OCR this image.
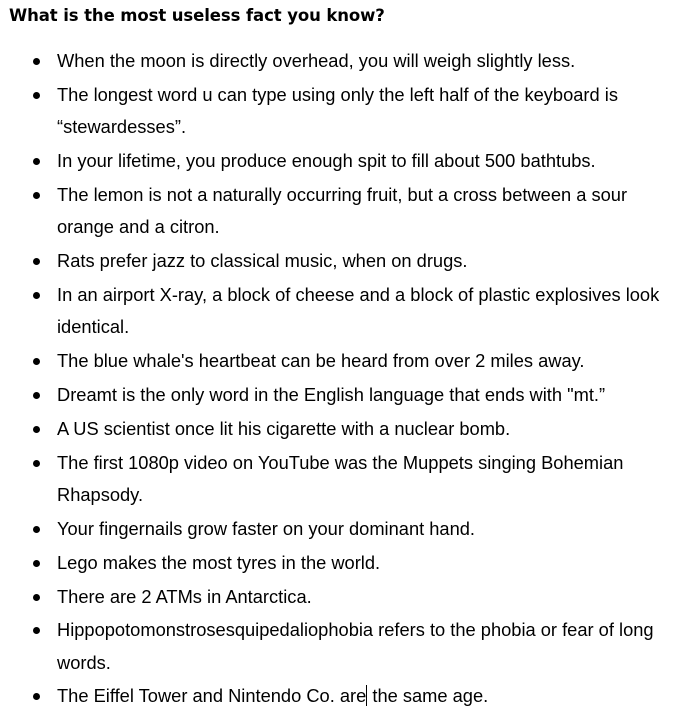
What is the most useless fact you know?
When the moon is directly overhead, you will weigh slightly less.
The longest word u can type using only the left half of the keyboard is “stewardesses”.
In your lifetime, you produce enough spit to fill about 500 bathtubs.
The lemon is not a naturally occurring fruit, but a cross between a sour orange and a citron.
Rats prefer jazz to classical music, when on drugs.
In an airport X-ray, a block of cheese and a block of plastic explosives look identical.
The blue whale's heartbeat can be heard from over 2 miles away.
Dreamt is the only word in the English language that ends with "mt.”
A US scientist once lit his cigarette with a nuclear bomb.
The first 1080p video on YouTube was the Muppets singing Bohemian Rhapsody.
Your fingernails grow faster on your dominant hand.
Lego makes the most tyres in the world.
There are 2 ATMs in Antarctica.
Hippopotomonstrosesquipedaliophobia refers to the phobia or fear of long words.
The Eiffel Tower and Nintendo Co. are the same age.
